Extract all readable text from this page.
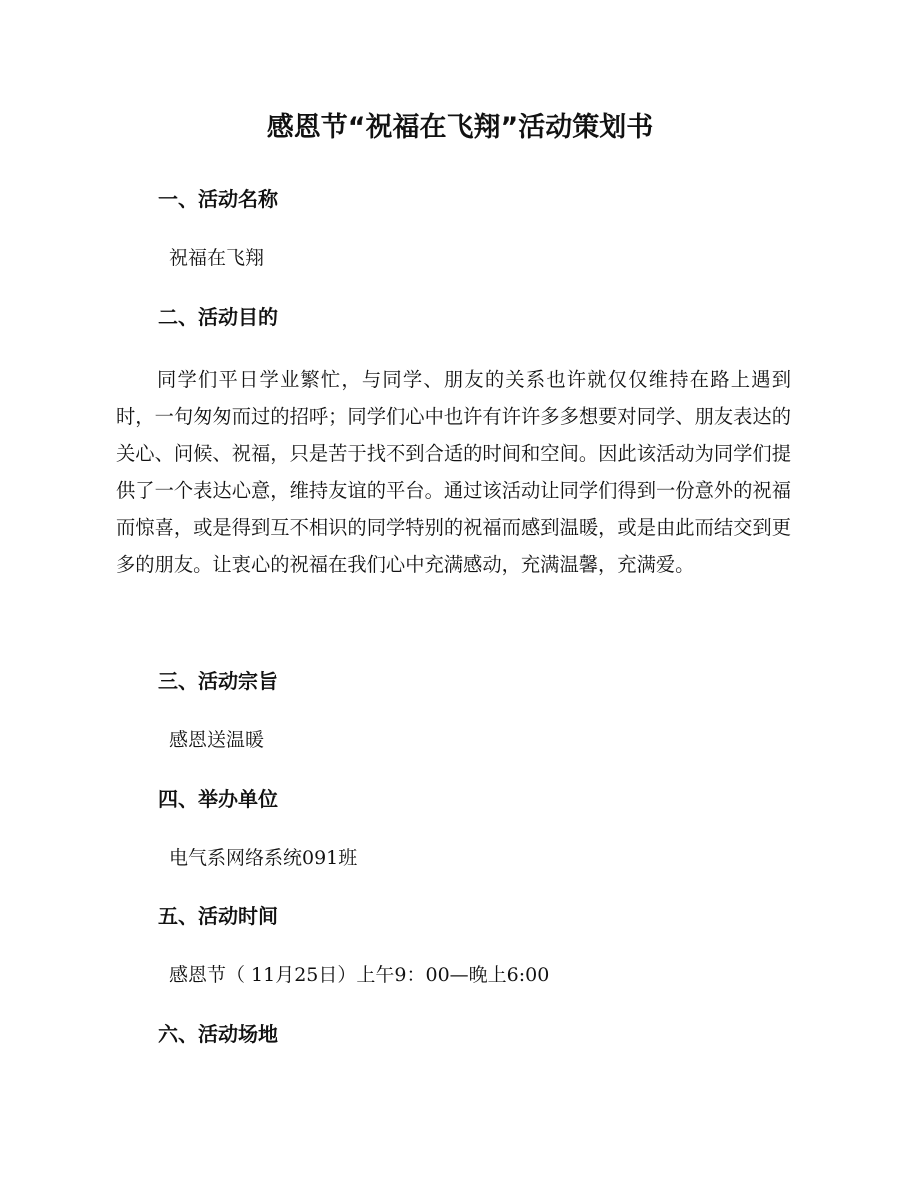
感恩节“祝福在飞翔”活动策划书
一、活动名称

祝福在飞翔

二、活动目的

同学们平日学业繁忙，与同学、朋友的关系也许就仅仅维持在路上遇到时，一句匆匆而过的招呼；同学们心中也许有许许多多想要对同学、朋友表达的关心、问候、祝福，只是苦于找不到合适的时间和空间。因此该活动为同学们提供了一个表达心意，维持友谊的平台。通过该活动让同学们得到一份意外的祝福而惊喜，或是得到互不相识的同学特别的祝福而感到温暖，或是由此而结交到更多的朋友。让衷心的祝福在我们心中充满感动，充满温馨，充满爱。

三、活动宗旨

感恩送温暖

四、举办单位

电气系网络系统091班

五、活动时间

感恩节（ 11月25日）上午9：00—晚上6:00

六、活动场地
